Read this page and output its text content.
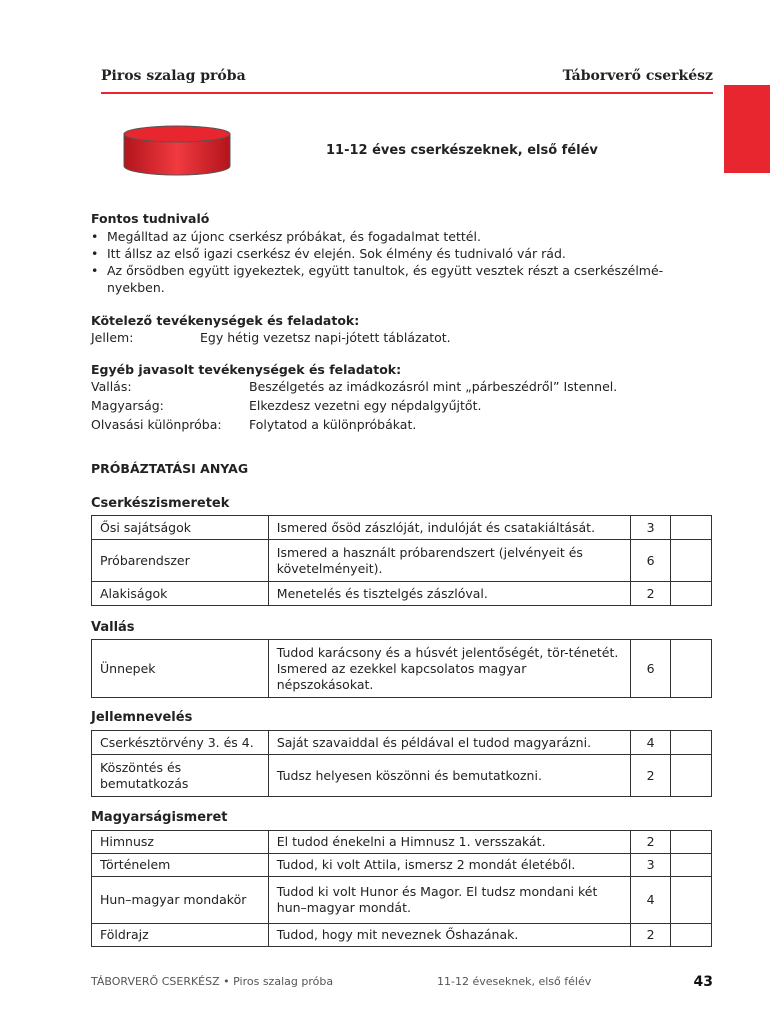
Piros szalag próba	Táborverő cserkész
11-12 éves cserkészeknek, első félév
Fontos tudnivaló
• Megálltad az újonc cserkész próbákat, és fogadalmat tettél.
• Itt állsz az első igazi cserkész év elején. Sok élmény és tudnivaló vár rád.
• Az őrsödben együtt igyekeztek, együtt tanultok, és együtt vesztek részt a cserkészélmé-nyekben.
Kötelező tevékenységek és feladatok:
Jellem:	Egy hétig vezetsz napi-jótett táblázatot.
Egyéb javasolt tevékenységek és feladatok:
Vallás:	Beszélgetés az imádkozásról mint „párbeszédről” Istennel.
Magyarság:	Elkezdesz vezetni egy népdalgyűjtőt.
Olvasási különpróba: Folytatod a különpróbákat.
PRÓBÁZTATÁSI ANYAG
Cserkészismeretek
Ősi sajátságok	Ismered ősöd zászlóját, indulóját és csatakiáltását.	3	
Próbarendszer	Ismered a használt próbarendszert (jelvényeit és követelményeit).	6	
Alakiságok	Menetelés és tisztelgés zászlóval.	2	
Vallás
Ünnepek	Tudod karácsony és a húsvét jelentőségét, tör-ténetét. Ismered az ezekkel kapcsolatos magyar népszokásokat.	6	
Jellemnevelés
Cserkésztörvény 3. és 4.	Saját szavaiddal és példával el tudod magyarázni.	4	
Köszöntés és bemutatkozás	Tudsz helyesen köszönni és bemutatkozni.	2	
Magyarságismeret
Himnusz	El tudod énekelni a Himnusz 1. versszakát.	2	
Történelem	Tudod, ki volt Attila, ismersz 2 mondát életéből.	3	
Hun–magyar mondakör	Tudod ki volt Hunor és Magor. El tudsz mondani két hun–magyar mondát.	4	
Földrajz	Tudod, hogy mit neveznek Őshazának.	2	
TÁBORVERŐ CSERKÉSZ • Piros szalag próba	11-12 éveseknek, első félév	43
